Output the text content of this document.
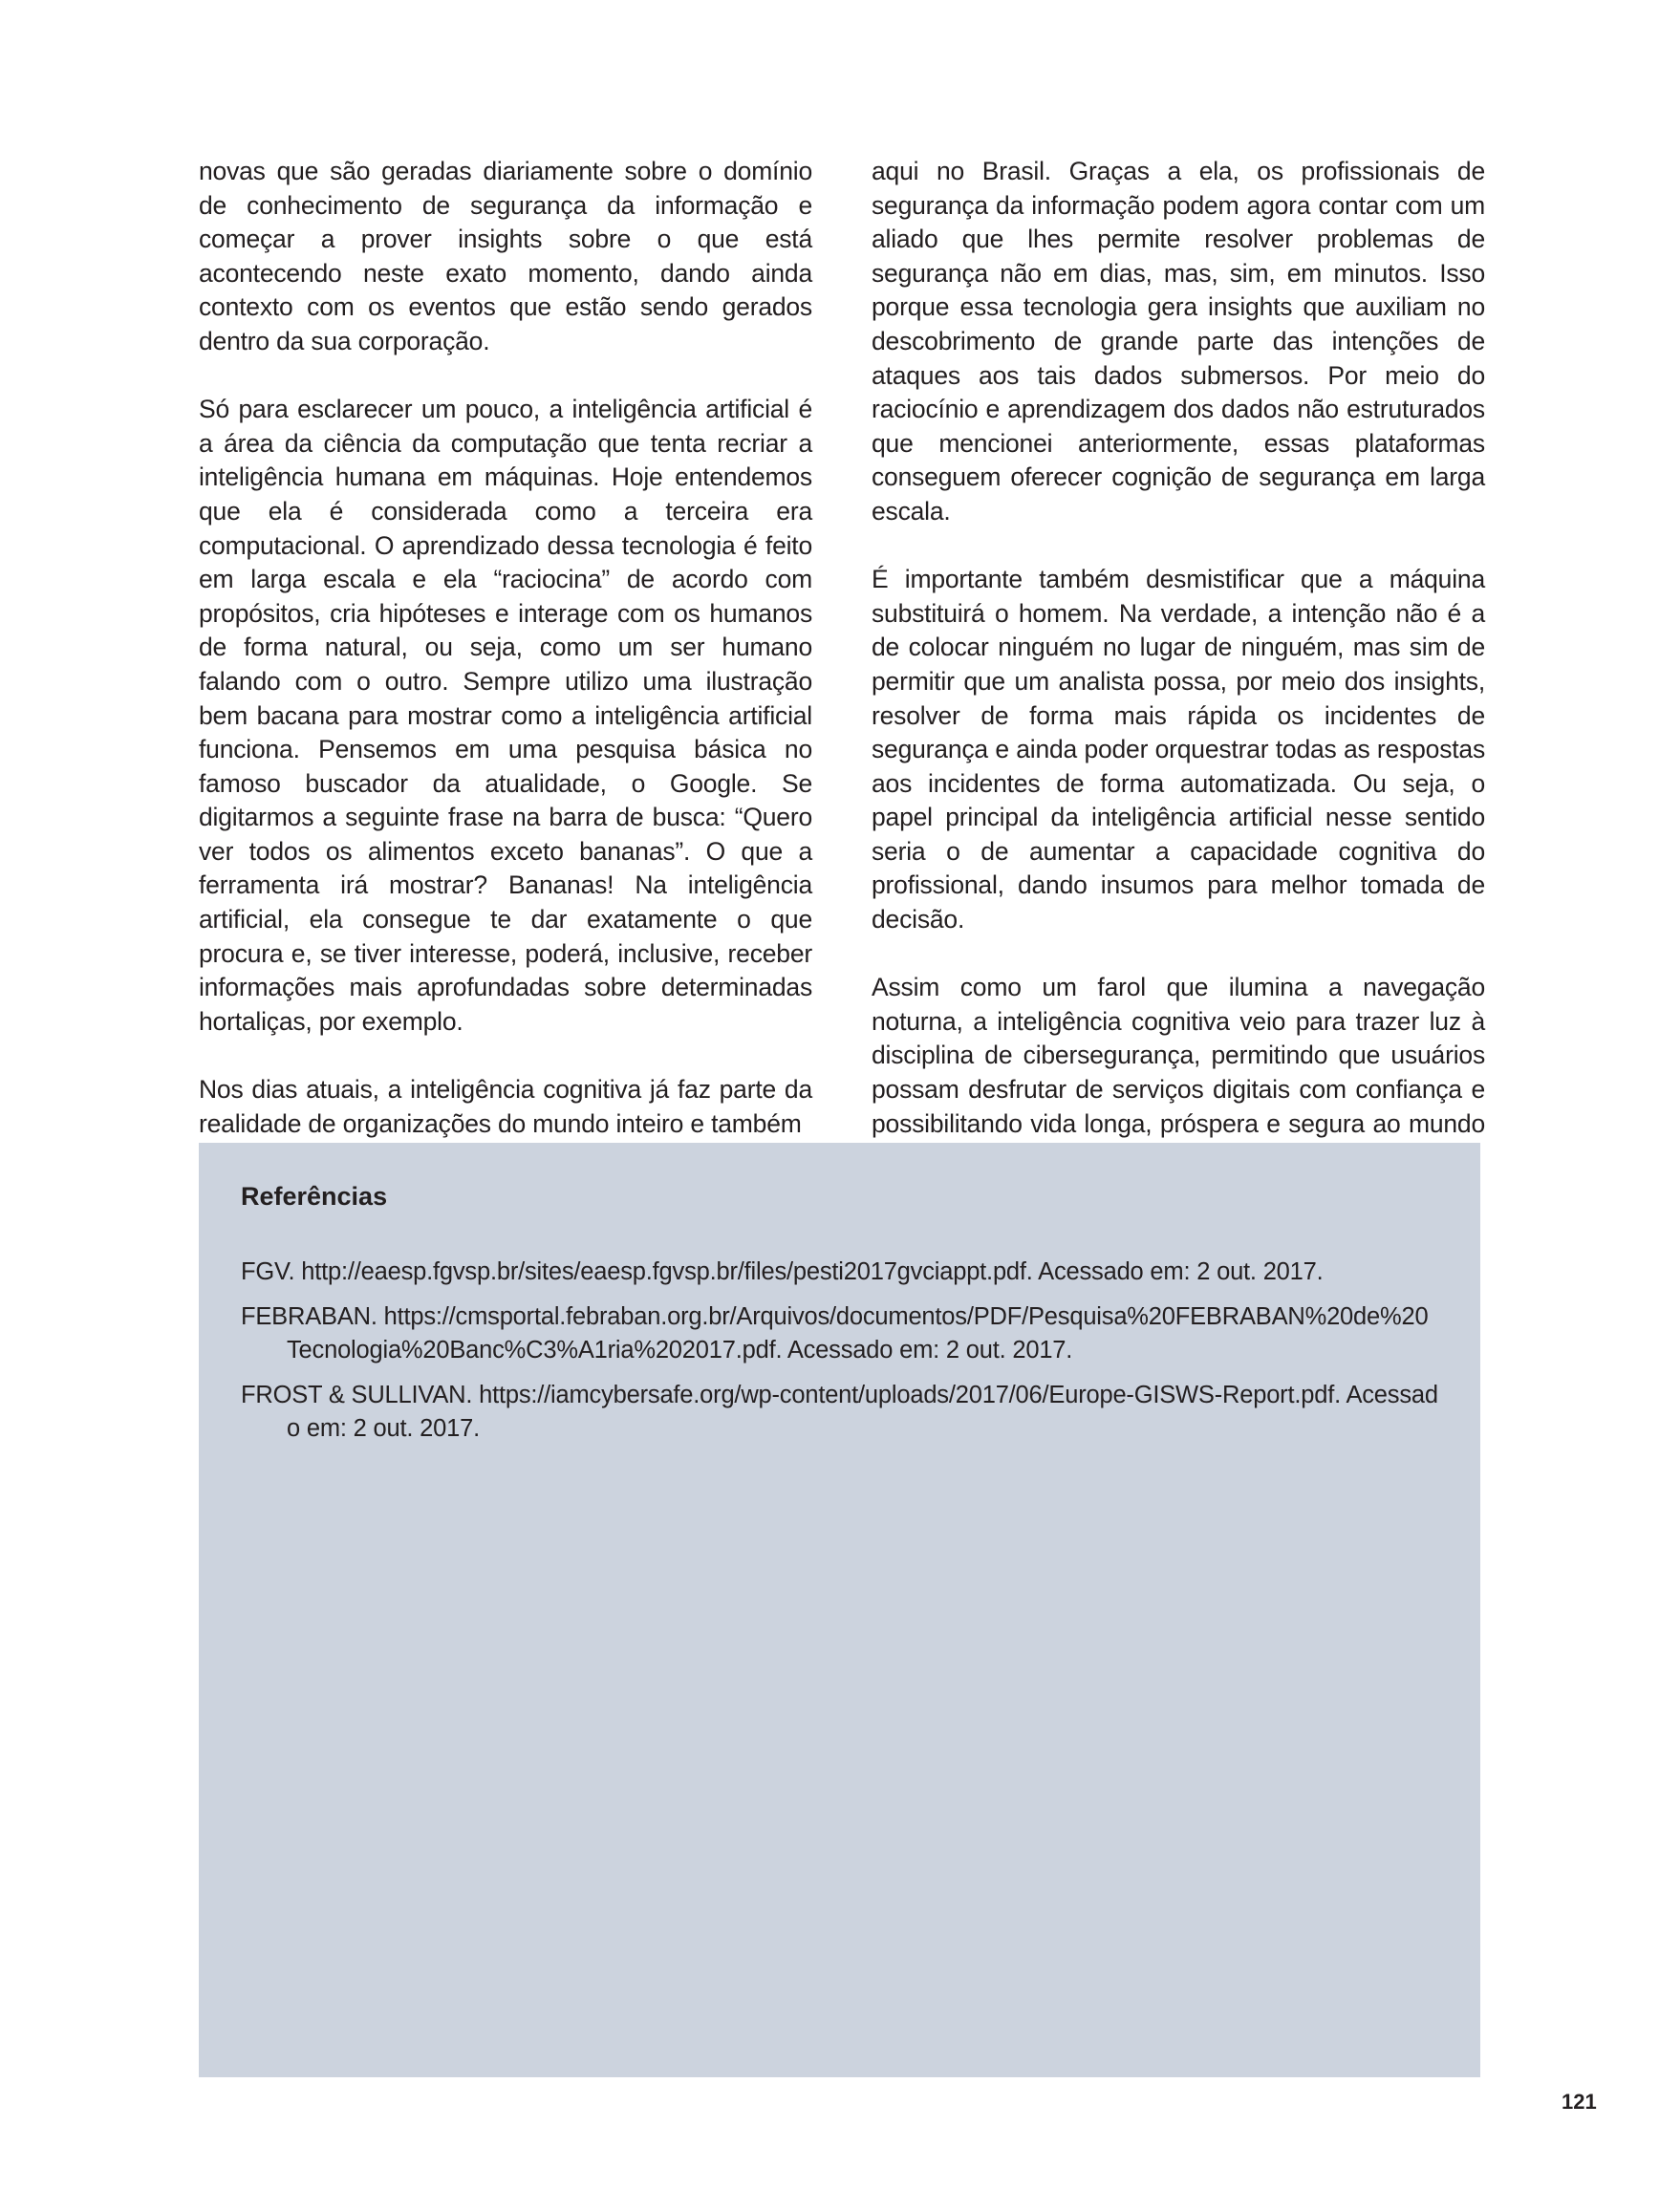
novas que são geradas diariamente sobre o domínio de conhecimento de segurança da informação e começar a prover insights sobre o que está acontecendo neste exato momento, dando ainda contexto com os eventos que estão sendo gerados dentro da sua corporação.

Só para esclarecer um pouco, a inteligência artificial é a área da ciência da computação que tenta recriar a inteligência humana em máquinas. Hoje entendemos que ela é considerada como a terceira era computacional. O aprendizado dessa tecnologia é feito em larga escala e ela “raciocina” de acordo com propósitos, cria hipóteses e interage com os humanos de forma natural, ou seja, como um ser humano falando com o outro. Sempre utilizo uma ilustração bem bacana para mostrar como a inteligência artificial funciona. Pensemos em uma pesquisa básica no famoso buscador da atualidade, o Google. Se digitarmos a seguinte frase na barra de busca: “Quero ver todos os alimentos exceto bananas”. O que a ferramenta irá mostrar? Bananas! Na inteligência artificial, ela consegue te dar exatamente o que procura e, se tiver interesse, poderá, inclusive, receber informações mais aprofundadas sobre determinadas hortaliças, por exemplo.

Nos dias atuais, a inteligência cognitiva já faz parte da realidade de organizações do mundo inteiro e também

aqui no Brasil. Graças a ela, os profissionais de segurança da informação podem agora contar com um aliado que lhes permite resolver problemas de segurança não em dias, mas, sim, em minutos. Isso porque essa tecnologia gera insights que auxiliam no descobrimento de grande parte das intenções de ataques aos tais dados submersos. Por meio do raciocínio e aprendizagem dos dados não estruturados que mencionei anteriormente, essas plataformas conseguem oferecer cognição de segurança em larga escala.

É importante também desmistificar que a máquina substituirá o homem. Na verdade, a intenção não é a de colocar ninguém no lugar de ninguém, mas sim de permitir que um analista possa, por meio dos insights, resolver de forma mais rápida os incidentes de segurança e ainda poder orquestrar todas as respostas aos incidentes de forma automatizada. Ou seja, o papel principal da inteligência artificial nesse sentido seria o de aumentar a capacidade cognitiva do profissional, dando insumos para melhor tomada de decisão.

Assim como um farol que ilumina a navegação noturna, a inteligência cognitiva veio para trazer luz à disciplina de cibersegurança, permitindo que usuários possam desfrutar de serviços digitais com confiança e possibilitando vida longa, próspera e segura ao mundo

Referências
FGV. http://eaesp.fgvsp.br/sites/eaesp.fgvsp.br/files/pesti2017gvciappt.pdf. Acessado em: 2 out. 2017.
FEBRABAN. https://cmsportal.febraban.org.br/Arquivos/documentos/PDF/Pesquisa%20FEBRABAN%20de%20Tecnologia%20Banc%C3%A1ria%202017.pdf. Acessado em: 2 out. 2017.
FROST & SULLIVAN. https://iamcybersafe.org/wp-content/uploads/2017/06/Europe-GISWS-Report.pdf. Acessado em: 2 out. 2017.
121
